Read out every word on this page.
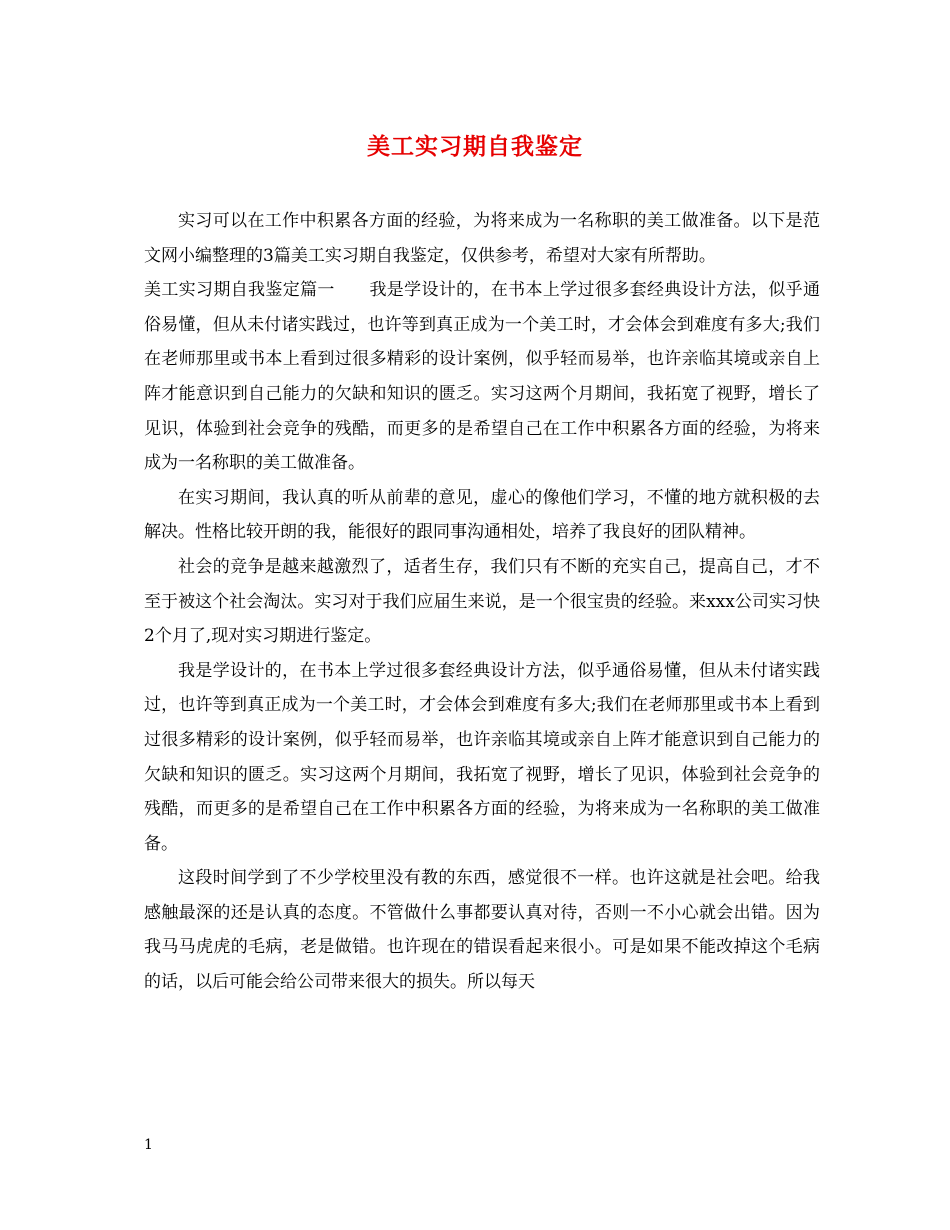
美工实习期自我鉴定

实习可以在工作中积累各方面的经验，为将来成为一名称职的美工做准备。以下是范文网小编整理的3篇美工实习期自我鉴定，仅供参考，希望对大家有所帮助。

美工实习期自我鉴定篇一　　我是学设计的，在书本上学过很多套经典设计方法，似乎通俗易懂，但从未付诸实践过，也许等到真正成为一个美工时，才会体会到难度有多大;我们在老师那里或书本上看到过很多精彩的设计案例，似乎轻而易举，也许亲临其境或亲自上阵才能意识到自己能力的欠缺和知识的匮乏。实习这两个月期间，我拓宽了视野，增长了见识，体验到社会竞争的残酷，而更多的是希望自己在工作中积累各方面的经验，为将来成为一名称职的美工做准备。

在实习期间，我认真的听从前辈的意见，虚心的像他们学习，不懂的地方就积极的去解决。性格比较开朗的我，能很好的跟同事沟通相处，培养了我良好的团队精神。

社会的竞争是越来越激烈了，适者生存，我们只有不断的充实自己，提高自己，才不至于被这个社会淘汰。实习对于我们应届生来说，是一个很宝贵的经验。来xxx公司实习快2个月了,现对实习期进行鉴定。

我是学设计的，在书本上学过很多套经典设计方法，似乎通俗易懂，但从未付诸实践过，也许等到真正成为一个美工时，才会体会到难度有多大;我们在老师那里或书本上看到过很多精彩的设计案例，似乎轻而易举，也许亲临其境或亲自上阵才能意识到自己能力的欠缺和知识的匮乏。实习这两个月期间，我拓宽了视野，增长了见识，体验到社会竞争的残酷，而更多的是希望自己在工作中积累各方面的经验，为将来成为一名称职的美工做准备。

这段时间学到了不少学校里没有教的东西，感觉很不一样。也许这就是社会吧。给我感触最深的还是认真的态度。不管做什么事都要认真对待，否则一不小心就会出错。因为我马马虎虎的毛病，老是做错。也许现在的错误看起来很小。可是如果不能改掉这个毛病的话，以后可能会给公司带来很大的损失。所以每天

1
